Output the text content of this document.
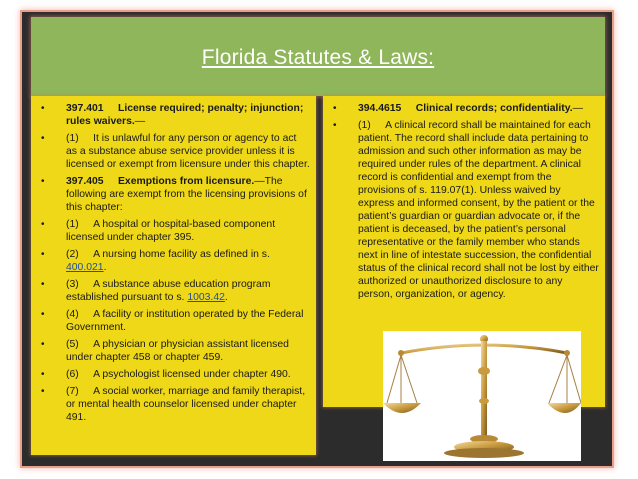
Florida Statutes & Laws:
• 397.401 License required; penalty; injunction; rules waivers.—
• (1) It is unlawful for any person or agency to act as a substance abuse service provider unless it is licensed or exempt from licensure under this chapter.
• 397.405 Exemptions from licensure.—The following are exempt from the licensing provisions of this chapter:
• (1) A hospital or hospital-based component licensed under chapter 395.
• (2) A nursing home facility as defined in s. 400.021.
• (3) A substance abuse education program established pursuant to s. 1003.42.
• (4) A facility or institution operated by the Federal Government.
• (5) A physician or physician assistant licensed under chapter 458 or chapter 459.
• (6) A psychologist licensed under chapter 490.
• (7) A social worker, marriage and family therapist, or mental health counselor licensed under chapter 491.
• 394.4615 Clinical records; confidentiality.—
• (1) A clinical record shall be maintained for each patient. The record shall include data pertaining to admission and such other information as may be required under rules of the department. A clinical record is confidential and exempt from the provisions of s. 119.07(1). Unless waived by express and informed consent, by the patient or the patient’s guardian or guardian advocate or, if the patient is deceased, by the patient’s personal representative or the family member who stands next in line of intestate succession, the confidential status of the clinical record shall not be lost by either authorized or unauthorized disclosure to any person, organization, or agency.
